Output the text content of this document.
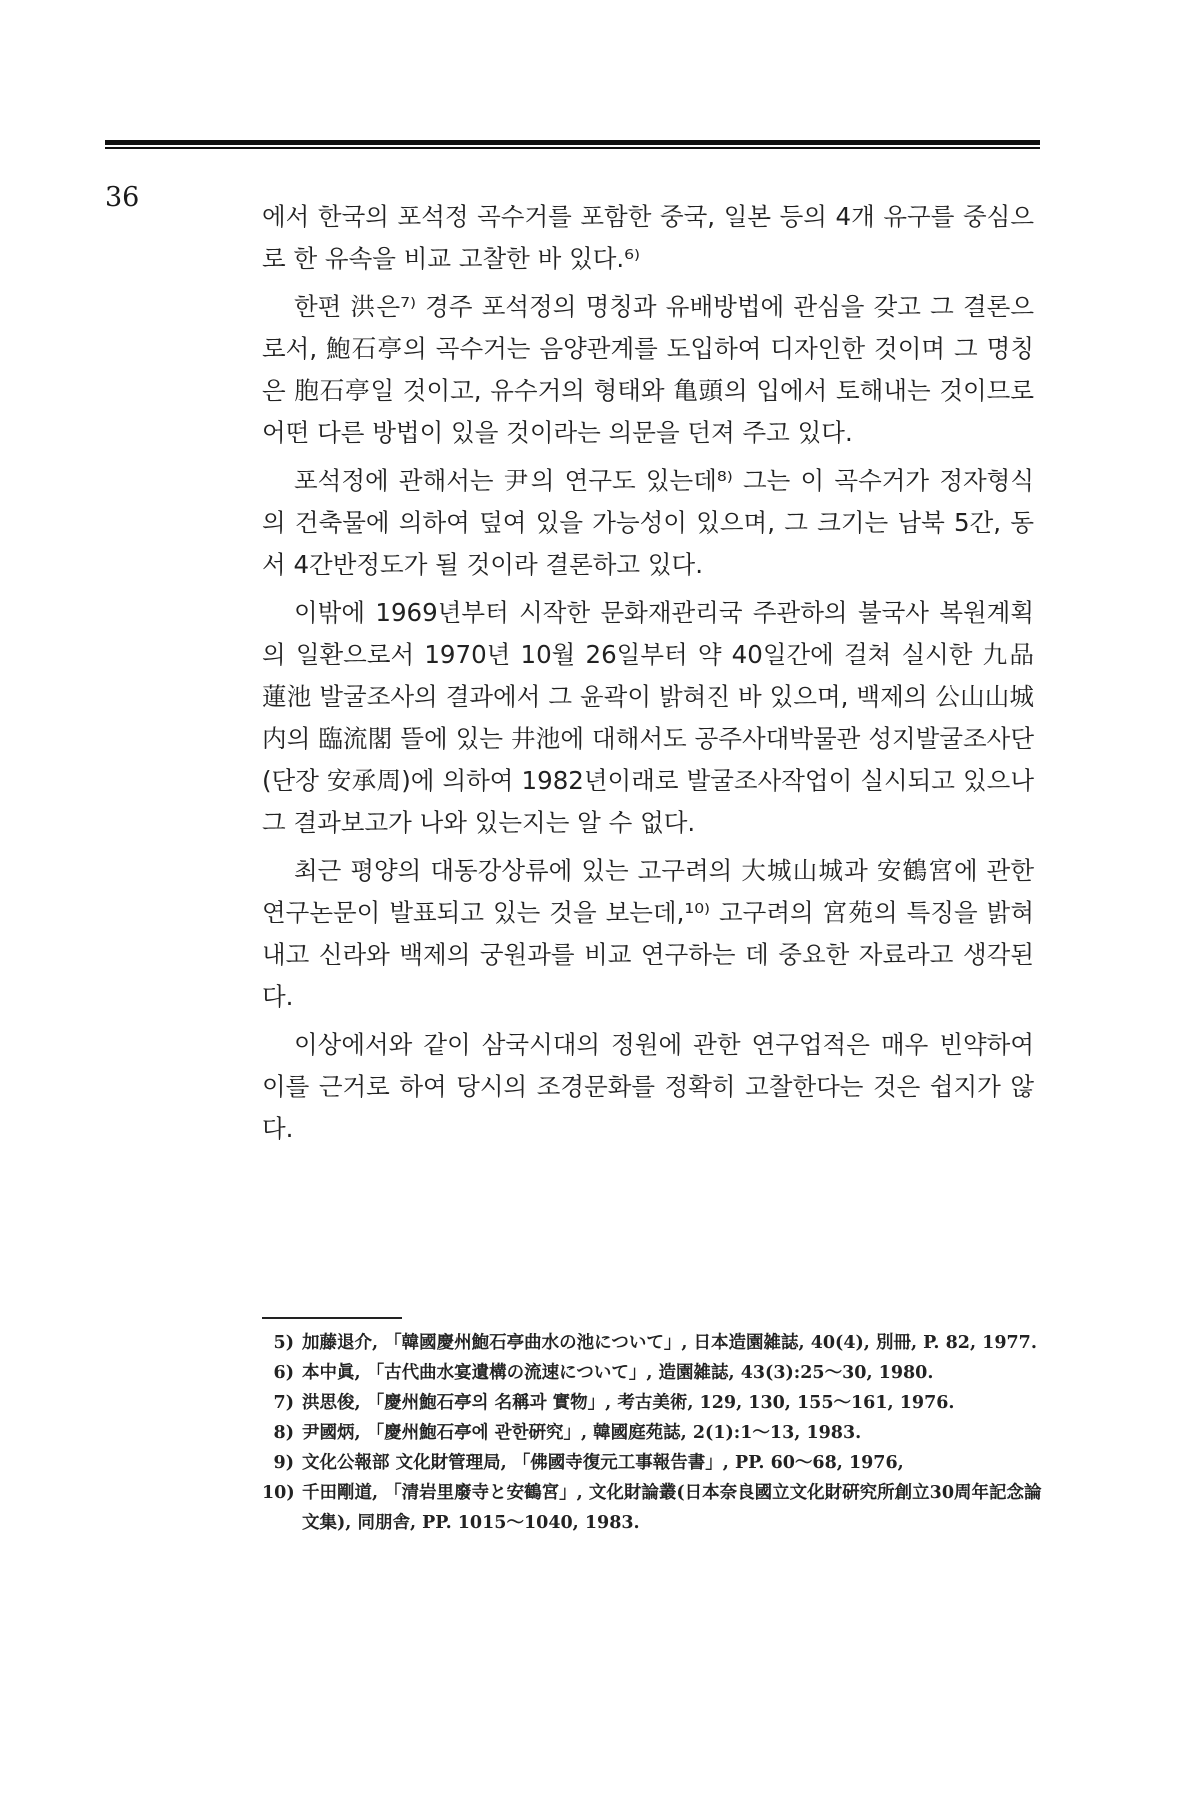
36

에서 한국의 포석정 곡수거를 포함한 중국, 일본 등의 4개 유구를 중심으로 한 유속을 비교 고찰한 바 있다.⁶⁾

한편 洪은⁷⁾ 경주 포석정의 명칭과 유배방법에 관심을 갖고 그 결론으로서, 鮑石亭의 곡수거는 음양관계를 도입하여 디자인한 것이며 그 명칭은 胞石亭일 것이고, 유수거의 형태와 亀頭의 입에서 토해내는 것이므로 어떤 다른 방법이 있을 것이라는 의문을 던져 주고 있다.

포석정에 관해서는 尹의 연구도 있는데⁸⁾ 그는 이 곡수거가 정자형식의 건축물에 의하여 덮여 있을 가능성이 있으며, 그 크기는 남북 5간, 동서 4간반정도가 될 것이라 결론하고 있다.

이밖에 1969년부터 시작한 문화재관리국 주관하의 불국사 복원계획의 일환으로서 1970년 10월 26일부터 약 40일간에 걸쳐 실시한 九品蓮池 발굴조사의 결과에서 그 윤곽이 밝혀진 바 있으며, 백제의 公山山城内의 臨流閣 뜰에 있는 井池에 대해서도 공주사대박물관 성지발굴조사단(단장 安承周)에 의하여 1982년이래로 발굴조사작업이 실시되고 있으나 그 결과보고가 나와 있는지는 알 수 없다.

최근 평양의 대동강상류에 있는 고구려의 大城山城과 安鶴宮에 관한 연구논문이 발표되고 있는 것을 보는데,¹⁰⁾ 고구려의 宮苑의 특징을 밝혀내고 신라와 백제의 궁원과를 비교 연구하는 데 중요한 자료라고 생각된다.

이상에서와 같이 삼국시대의 정원에 관한 연구업적은 매우 빈약하여 이를 근거로 하여 당시의 조경문화를 정확히 고찰한다는 것은 쉽지가 않다.

5) 加藤退介, 「韓國慶州鮑石亭曲水の池について」, 日本造園雑誌, 40(4), 別冊, P. 82, 1977.
6) 本中眞, 「古代曲水宴遺構の流速について」, 造園雑誌, 43(3):25〜30, 1980.
7) 洪思俊, 「慶州鮑石亭의 名稱과 實物」, 考古美術, 129, 130, 155〜161, 1976.
8) 尹國炳, 「慶州鮑石亭에 관한硏究」, 韓國庭苑誌, 2(1):1〜13, 1983.
9) 文化公報部 文化財管理局, 「佛國寺復元工事報告書」, PP. 60〜68, 1976,
10) 千田剛道, 「清岩里廢寺と安鶴宮」, 文化財論叢(日本奈良國立文化財硏究所創立30周年記念論文集), 同朋舎, PP. 1015〜1040, 1983.
